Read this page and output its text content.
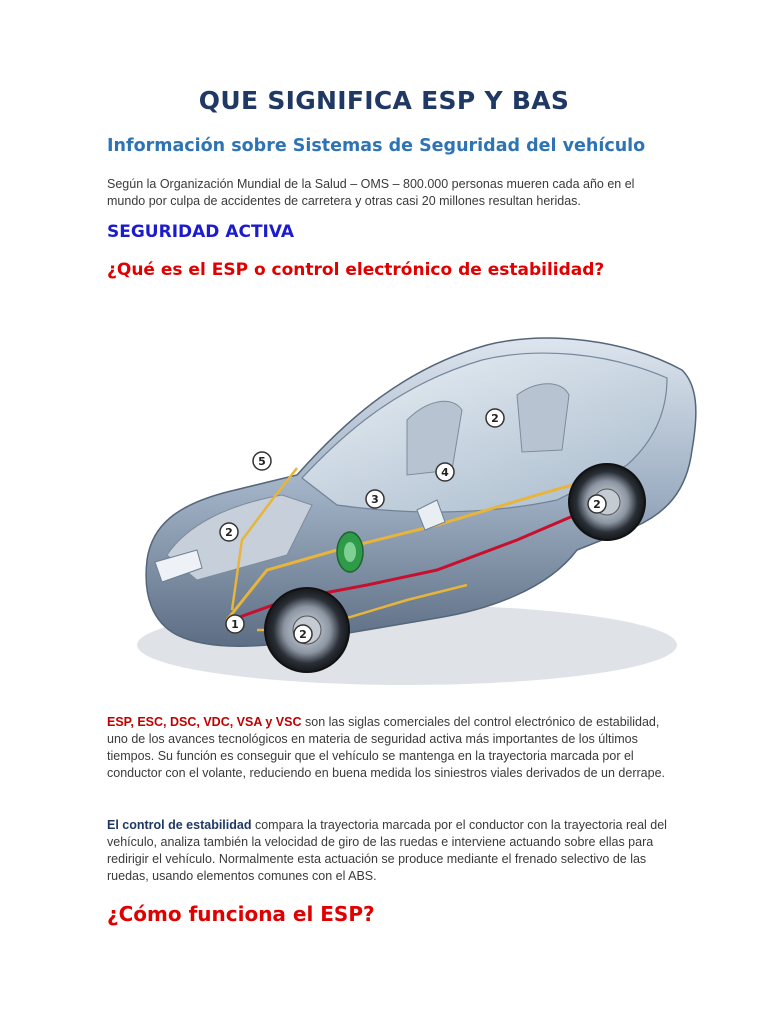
QUE SIGNIFICA ESP Y BAS
Información sobre Sistemas de Seguridad del vehículo

Según la Organización Mundial de la Salud – OMS – 800.000 personas mueren cada año en el mundo por culpa de accidentes de carretera y otras casi 20 millones resultan heridas.

SEGURIDAD ACTIVA
¿Qué es el ESP o control electrónico de estabilidad?
1
2
2
2
2
3
4
5

ESP, ESC, DSC, VDC, VSA y VSC son las siglas comerciales del control electrónico de estabilidad, uno de los avances tecnológicos en materia de seguridad activa más importantes de los últimos tiempos. Su función es conseguir que el vehículo se mantenga en la trayectoria marcada por el conductor con el volante, reduciendo en buena medida los siniestros viales derivados de un derrape.

El control de estabilidad compara la trayectoria marcada por el conductor con la trayectoria real del vehículo, analiza también la velocidad de giro de las ruedas e interviene actuando sobre ellas para redirigir el vehículo. Normalmente esta actuación se produce mediante el frenado selectivo de las ruedas, usando elementos comunes con el ABS.

¿Cómo funciona el ESP?
